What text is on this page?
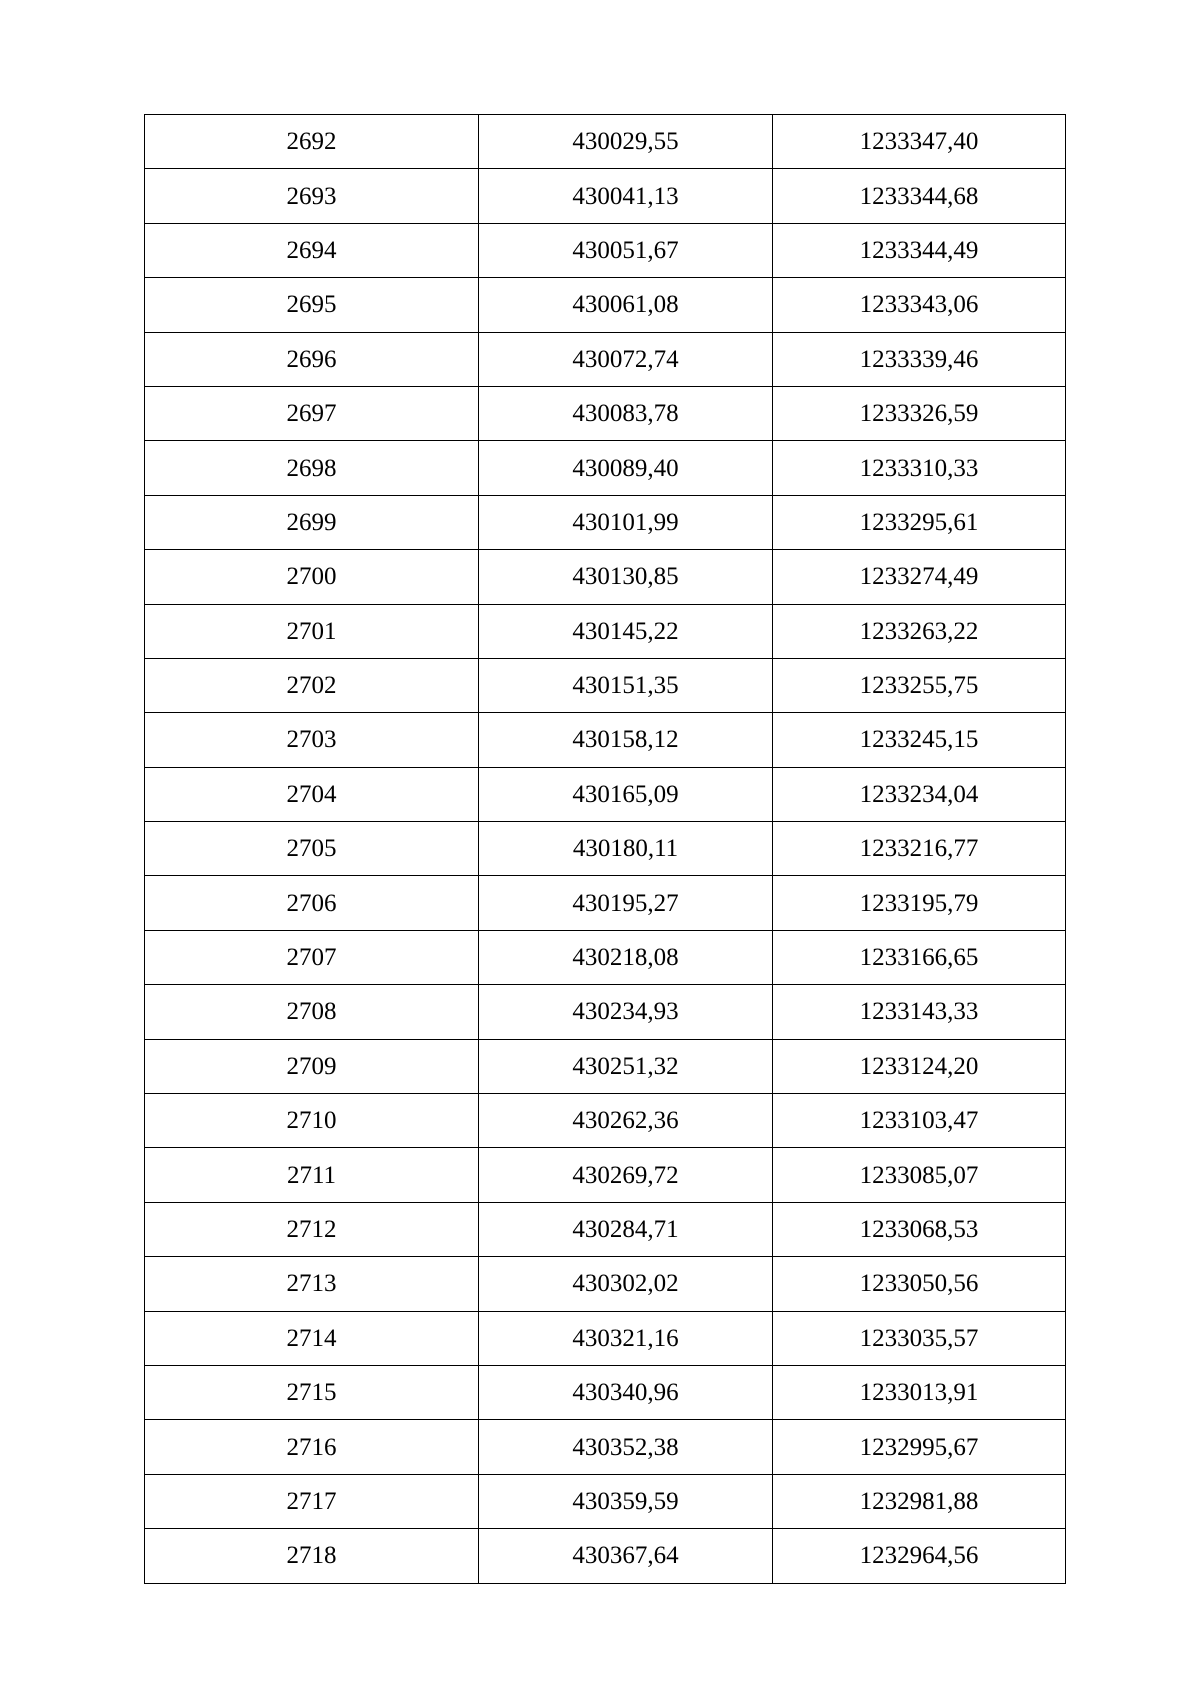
2692	430029,55	1233347,40
2693	430041,13	1233344,68
2694	430051,67	1233344,49
2695	430061,08	1233343,06
2696	430072,74	1233339,46
2697	430083,78	1233326,59
2698	430089,40	1233310,33
2699	430101,99	1233295,61
2700	430130,85	1233274,49
2701	430145,22	1233263,22
2702	430151,35	1233255,75
2703	430158,12	1233245,15
2704	430165,09	1233234,04
2705	430180,11	1233216,77
2706	430195,27	1233195,79
2707	430218,08	1233166,65
2708	430234,93	1233143,33
2709	430251,32	1233124,20
2710	430262,36	1233103,47
2711	430269,72	1233085,07
2712	430284,71	1233068,53
2713	430302,02	1233050,56
2714	430321,16	1233035,57
2715	430340,96	1233013,91
2716	430352,38	1232995,67
2717	430359,59	1232981,88
2718	430367,64	1232964,56
